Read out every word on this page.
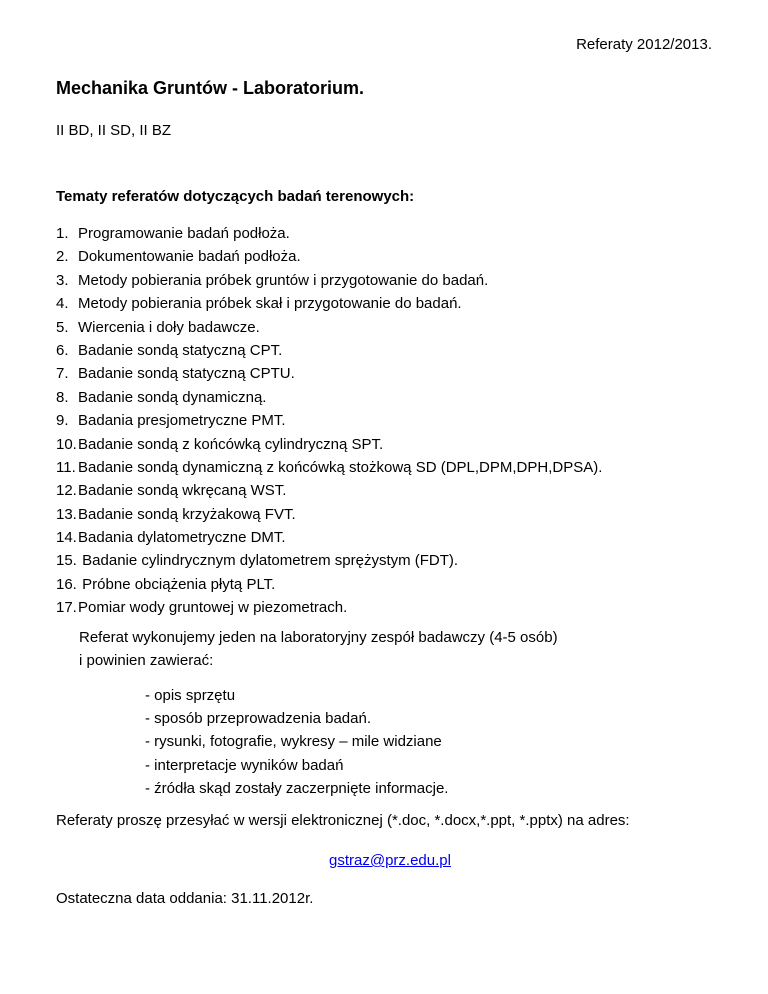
Referaty 2012/2013.
Mechanika Gruntów - Laboratorium.
II BD, II SD, II BZ
Tematy referatów dotyczących badań terenowych:
1. Programowanie badań podłoża.
2. Dokumentowanie badań podłoża.
3. Metody pobierania próbek gruntów i przygotowanie do badań.
4. Metody pobierania próbek skał i przygotowanie do badań.
5. Wiercenia i doły badawcze.
6. Badanie sondą statyczną CPT.
7. Badanie sondą statyczną CPTU.
8. Badanie sondą dynamiczną.
9. Badania presjometryczne PMT.
10.Badanie sondą z końcówką cylindryczną SPT.
11. Badanie sondą dynamiczną z końcówką stożkową SD (DPL,DPM,DPH,DPSA).
12.Badanie sondą wkręcaną WST.
13.Badanie sondą krzyżakową FVT.
14.Badania dylatometryczne DMT.
15. Badanie cylindrycznym dylatometrem sprężystym (FDT).
16. Próbne obciążenia płytą PLT.
17.Pomiar wody gruntowej w piezometrach.
Referat wykonujemy jeden na laboratoryjny zespół badawczy (4-5 osób)
i powinien zawierać:
- opis sprzętu
- sposób przeprowadzenia badań.
- rysunki, fotografie, wykresy – mile widziane
- interpretacje wyników badań
- źródła skąd zostały zaczerpnięte informacje.
Referaty proszę przesyłać w wersji elektronicznej (*.doc, *.docx,*.ppt, *.pptx) na adres:
gstraz@prz.edu.pl
Ostateczna data oddania: 31.11.2012r.
